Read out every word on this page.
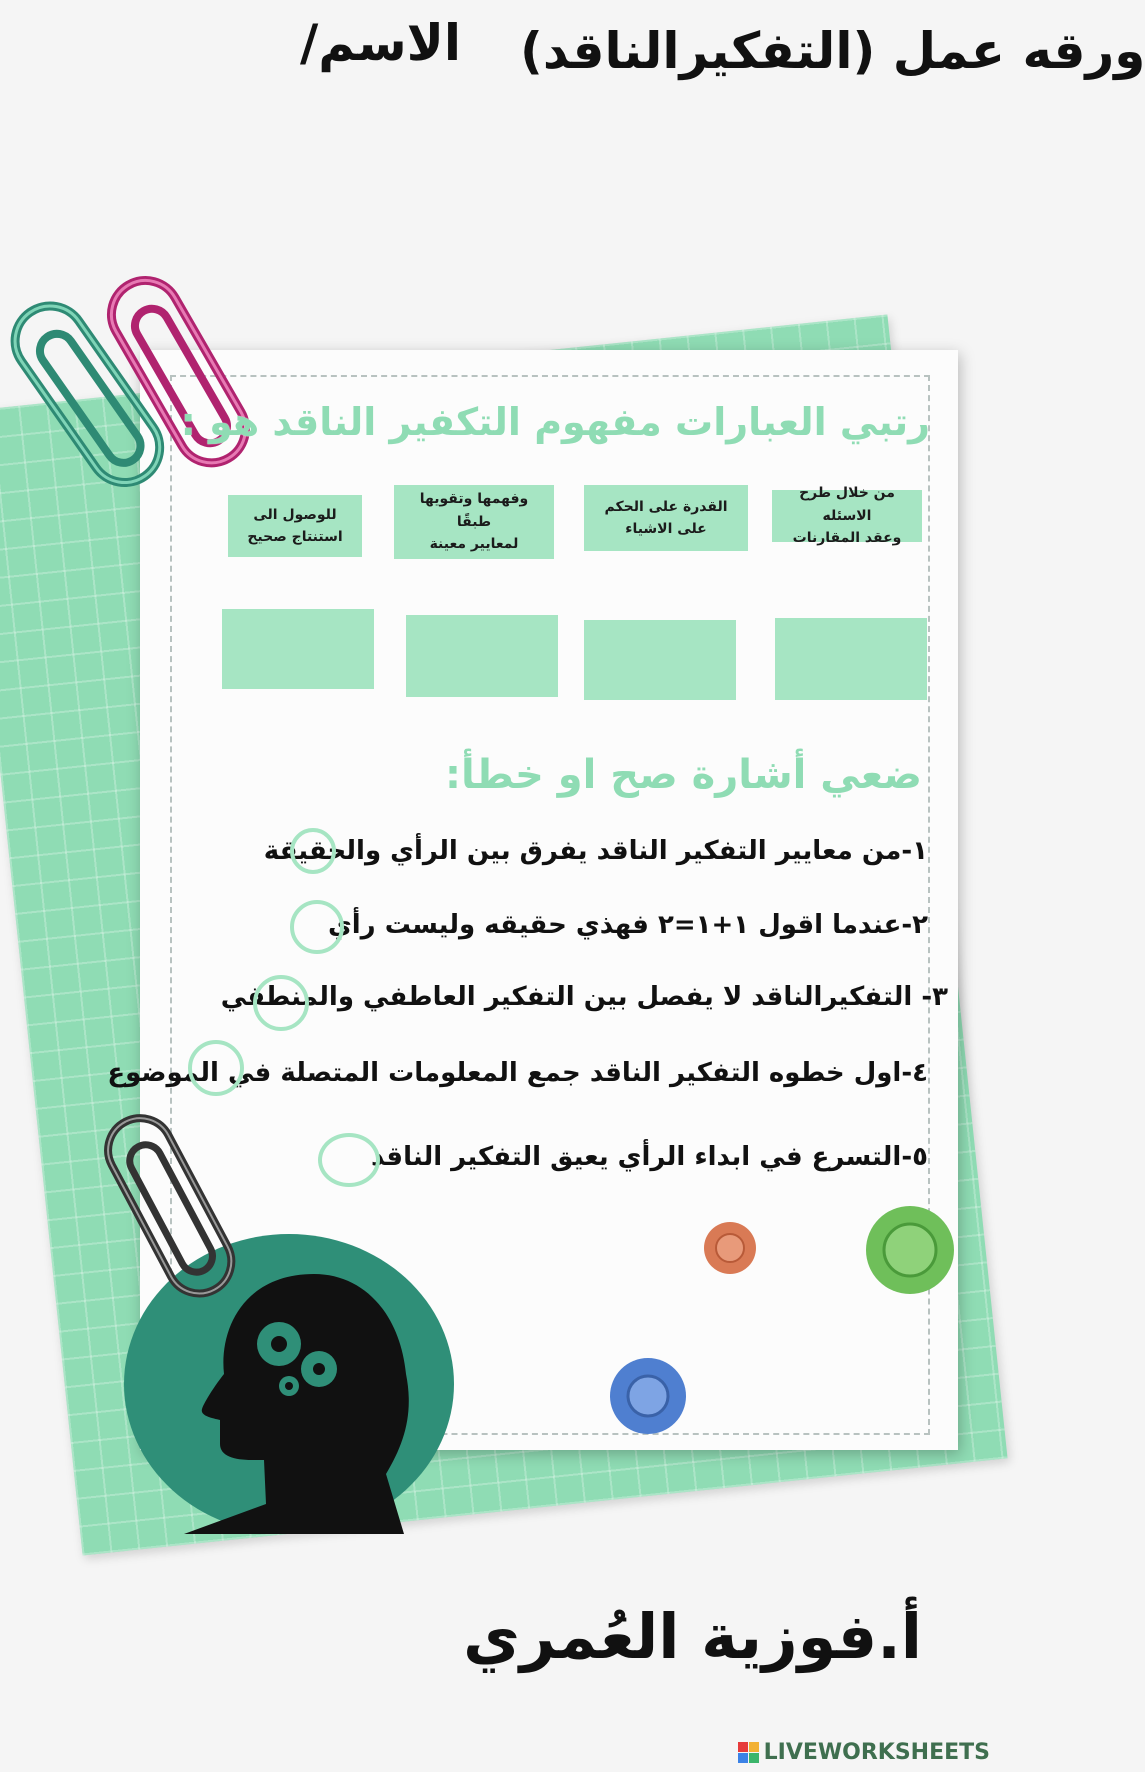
ورقه عمل (التفكيرالناقد)
الاسم/
رتبي العبارات مفهوم التكفير الناقد هو :
من خلال طرح الاسئله
وعقد المقارنات
القدرة على الحكم
على الاشياء
وفهمها وتقويها طبقًا
لمعايير معينة
للوصول الى
استنتاج صحيح
ضعي أشارة صح او خطأ:
١-من معايير التفكير الناقد يفرق بين الرأي والحقيقة
٢-عندما اقول ١+١=٢ فهذي حقيقه وليست رأي
٣- التفكيرالناقد لا يفصل بين التفكير العاطفي والمنطقي
٤-اول خطوه التفكير الناقد جمع المعلومات المتصلة في الموضوع
٥-التسرع في ابداء الرأي يعيق التفكير الناقد
أ.فوزية العُمري
LIVEWORKSHEETS
